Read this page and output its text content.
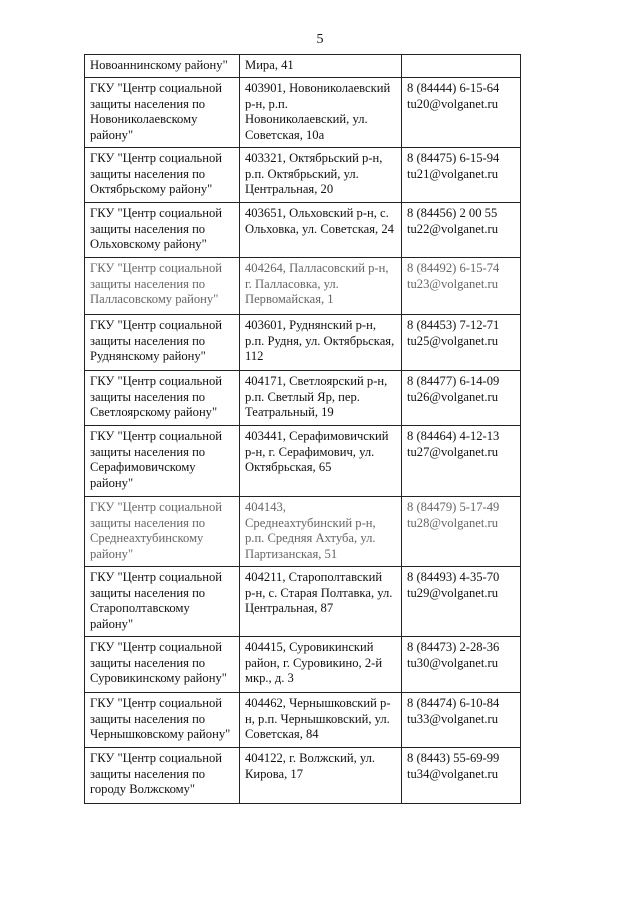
5
Новоаннинскому району"	Мира, 41	
ГКУ "Центр социальной
защиты населения по
Новониколаевскому
району"	403901, Новониколаевский
р-н, р.п.
Новониколаевский, ул.
Советская, 10а	8 (84444) 6-15-64
tu20@volganet.ru
ГКУ "Центр социальной
защиты населения по
Октябрьскому району"	403321, Октябрьский р-н,
р.п. Октябрьский, ул.
Центральная, 20	8 (84475) 6-15-94
tu21@volganet.ru
ГКУ "Центр социальной
защиты населения по
Ольховскому району"	403651, Ольховский р-н, с.
Ольховка, ул. Советская, 24	8 (84456) 2 00 55
tu22@volganet.ru
ГКУ "Центр социальной
защиты населения по
Палласовскому району"	404264, Палласовский р-н,
г. Палласовка, ул.
Первомайская, 1	8 (84492) 6-15-74
tu23@volganet.ru
ГКУ "Центр социальной
защиты населения по
Руднянскому району"	403601, Руднянский р-н,
р.п. Рудня, ул. Октябрьская,
112	8 (84453) 7-12-71
tu25@volganet.ru
ГКУ "Центр социальной
защиты населения по
Светлоярскому району"	404171, Светлоярский р-н,
р.п. Светлый Яр, пер.
Театральный, 19	8 (84477) 6-14-09
tu26@volganet.ru
ГКУ "Центр социальной
защиты населения по
Серафимовичскому
району"	403441, Серафимовичский
р-н, г. Серафимович, ул.
Октябрьская, 65	8 (84464) 4-12-13
tu27@volganet.ru
ГКУ "Центр социальной
защиты населения по
Среднеахтубинскому
району"	404143,
Среднеахтубинский р-н,
р.п. Средняя Ахтуба, ул.
Партизанская, 51	8 (84479) 5-17-49
tu28@volganet.ru
ГКУ "Центр социальной
защиты населения по
Старополтавскому
району"	404211, Старополтавский
р-н, с. Старая Полтавка, ул.
Центральная, 87	8 (84493) 4-35-70
tu29@volganet.ru
ГКУ "Центр социальной
защиты населения по
Суровикинскому району"	404415, Суровикинский
район, г. Суровикино, 2-й
мкр., д. 3	8 (84473) 2-28-36
tu30@volganet.ru
ГКУ "Центр социальной
защиты населения по
Чернышковскому району"	404462, Чернышковский р-
н, р.п. Чернышковский, ул.
Советская, 84	8 (84474) 6-10-84
tu33@volganet.ru
ГКУ "Центр социальной
защиты населения по
городу Волжскому"	404122, г. Волжский, ул.
Кирова, 17	8 (8443) 55-69-99
tu34@volganet.ru
